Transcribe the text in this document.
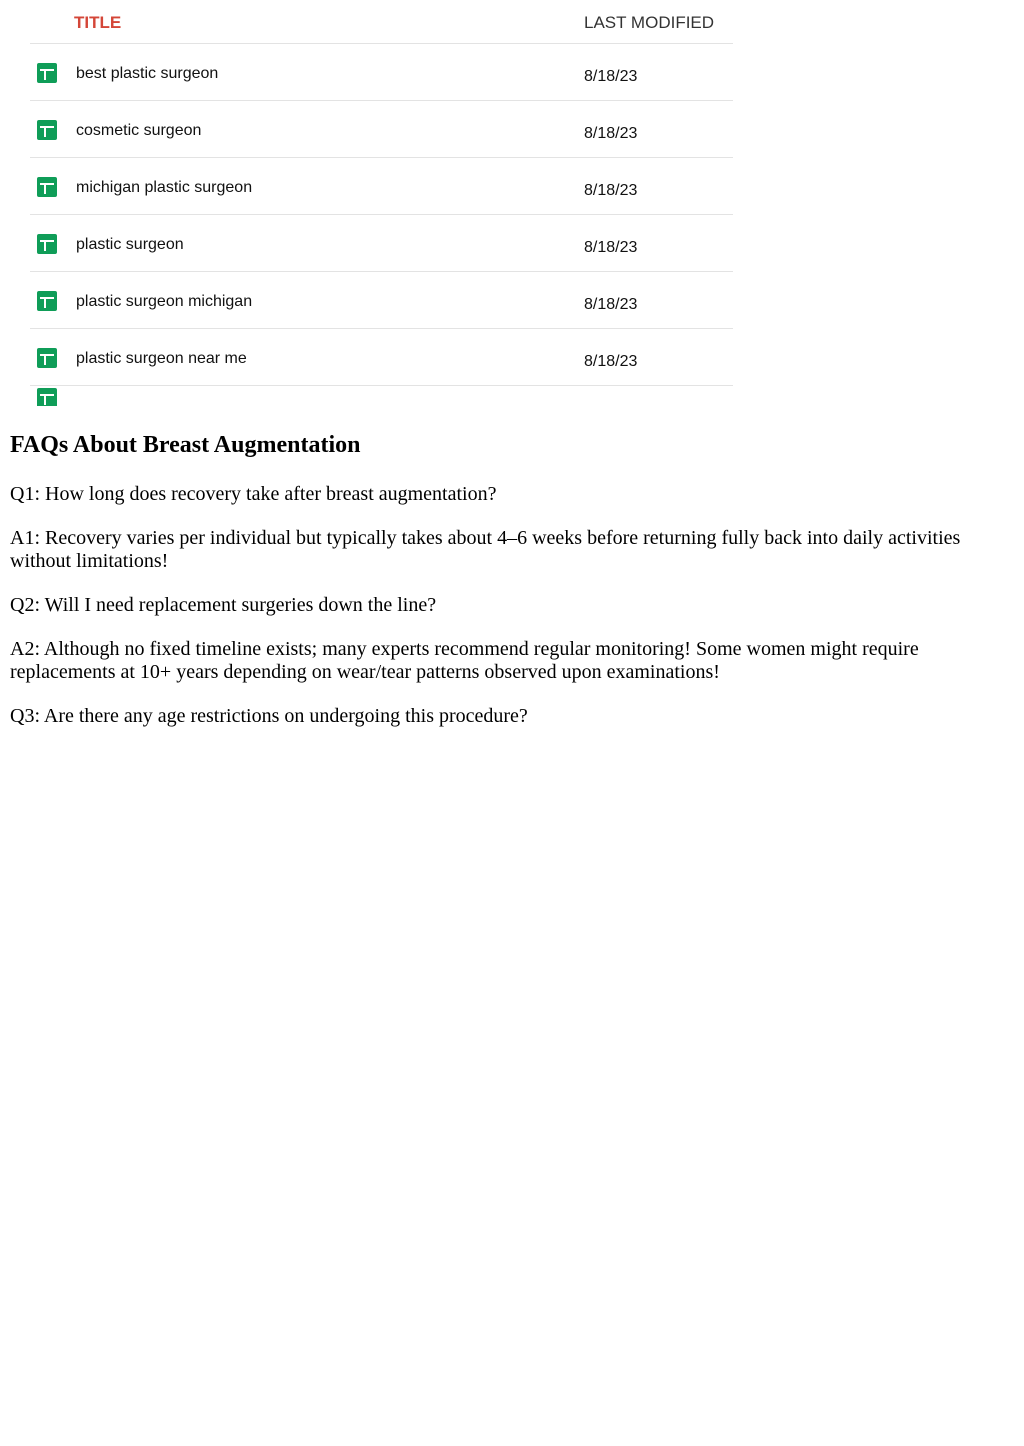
TITLE	LAST MODIFIED
best plastic surgeon	8/18/23
cosmetic surgeon	8/18/23
michigan plastic surgeon	8/18/23
plastic surgeon	8/18/23
plastic surgeon michigan	8/18/23
plastic surgeon near me	8/18/23
FAQs About Breast Augmentation

Q1: How long does recovery take after breast augmentation?

A1: Recovery varies per individual but typically takes about 4–6 weeks before returning fully back into daily activities without limitations!

Q2: Will I need replacement surgeries down the line?

A2: Although no fixed timeline exists; many experts recommend regular monitoring! Some women might require replacements at 10+ years depending on wear/tear patterns observed upon examinations!

Q3: Are there any age restrictions on undergoing this procedure?
